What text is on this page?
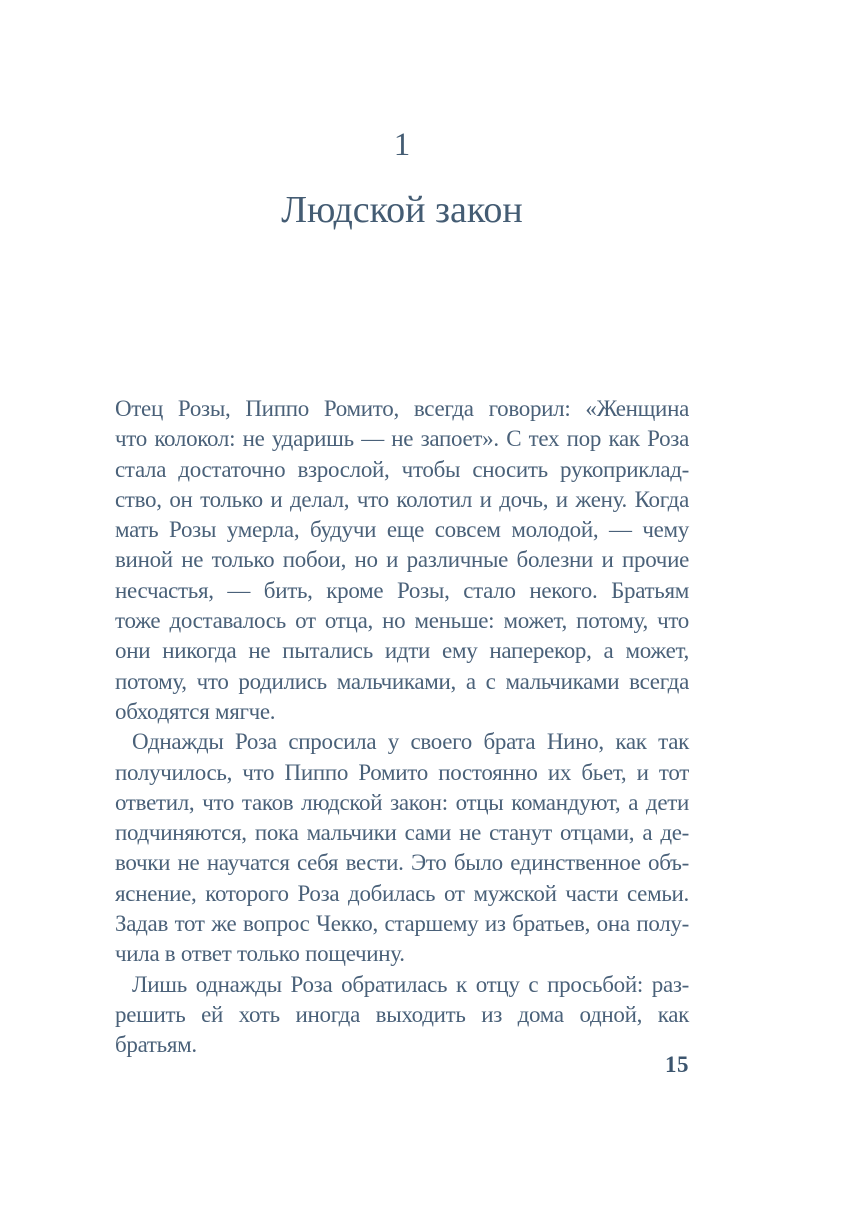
1
Людской закон
Отец Розы, Пиппо Ромито, всегда говорил: «Женщина
что колокол: не ударишь — не запоет». С тех пор как Роза
стала достаточно взрослой, чтобы сносить рукоприклад-
ство, он только и делал, что колотил и дочь, и жену. Когда
мать Розы умерла, будучи еще совсем молодой, — чему
виной не только побои, но и различные болезни и прочие
несчастья, — бить, кроме Розы, стало некого. Братьям
тоже доставалось от отца, но меньше: может, потому, что
они никогда не пытались идти ему наперекор, а может,
потому, что родились мальчиками, а с мальчиками всегда
обходятся мягче.
Однажды Роза спросила у своего брата Нино, как так
получилось, что Пиппо Ромито постоянно их бьет, и тот
ответил, что таков людской закон: отцы командуют, а дети
подчиняются, пока мальчики сами не станут отцами, а де-
вочки не научатся себя вести. Это было единственное объ-
яснение, которого Роза добилась от мужской части семьи.
Задав тот же вопрос Чекко, старшему из братьев, она полу-
чила в ответ только пощечину.
Лишь однажды Роза обратилась к отцу с просьбой: раз-
решить ей хоть иногда выходить из дома одной, как братьям.
15
